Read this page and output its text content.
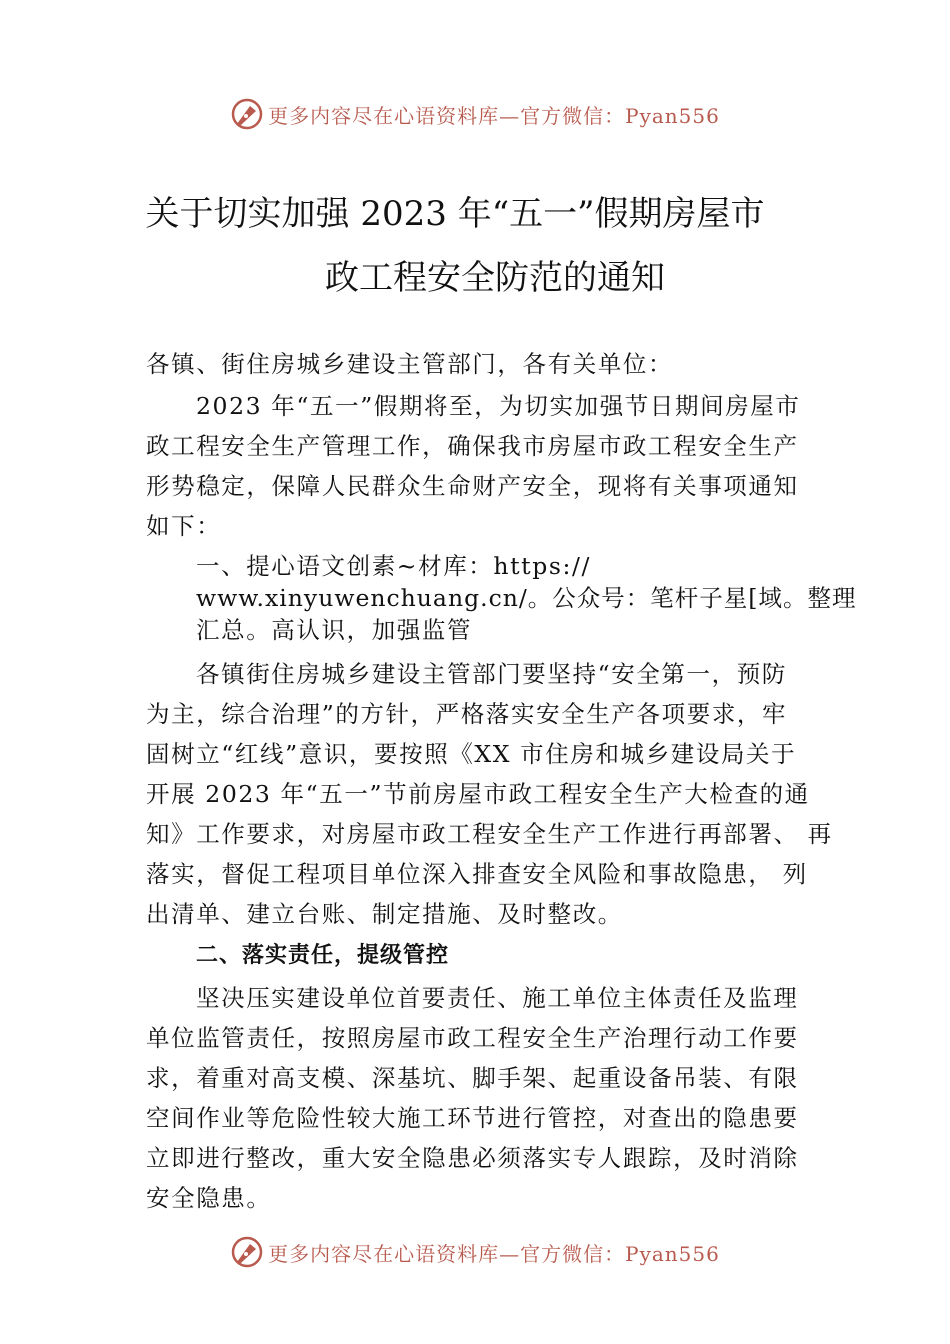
更多内容尽在心语资料库—官方微信：Pyan556
关于切实加强 2023 年“五一”假期房屋市
政工程安全防范的通知
各镇、街住房城乡建设主管部门，各有关单位：
2023 年“五一”假期将至，为切实加强节日期间房屋市
政工程安全生产管理工作，确保我市房屋市政工程安全生产
形势稳定，保障人民群众生命财产安全，现将有关事项通知
如下：
一、提心语文创素~材库：https://
www.xinyuwenchuang.cn/。公众号：笔杆子星[域。整理
汇总。高认识，加强监管
各镇街住房城乡建设主管部门要坚持“安全第一，预防
为主，综合治理”的方针，严格落实安全生产各项要求，牢
固树立“红线”意识，要按照《XX 市住房和城乡建设局关于
开展 2023 年“五一”节前房屋市政工程安全生产大检查的通
知》工作要求，对房屋市政工程安全生产工作进行再部署、 再
落实，督促工程项目单位深入排查安全风险和事故隐患， 列
出清单、建立台账、制定措施、及时整改。
二、落实责任，提级管控
坚决压实建设单位首要责任、施工单位主体责任及监理
单位监管责任，按照房屋市政工程安全生产治理行动工作要
求，着重对高支模、深基坑、脚手架、起重设备吊装、有限
空间作业等危险性较大施工环节进行管控，对查出的隐患要
立即进行整改，重大安全隐患必须落实专人跟踪，及时消除
安全隐患。
更多内容尽在心语资料库—官方微信：Pyan556
